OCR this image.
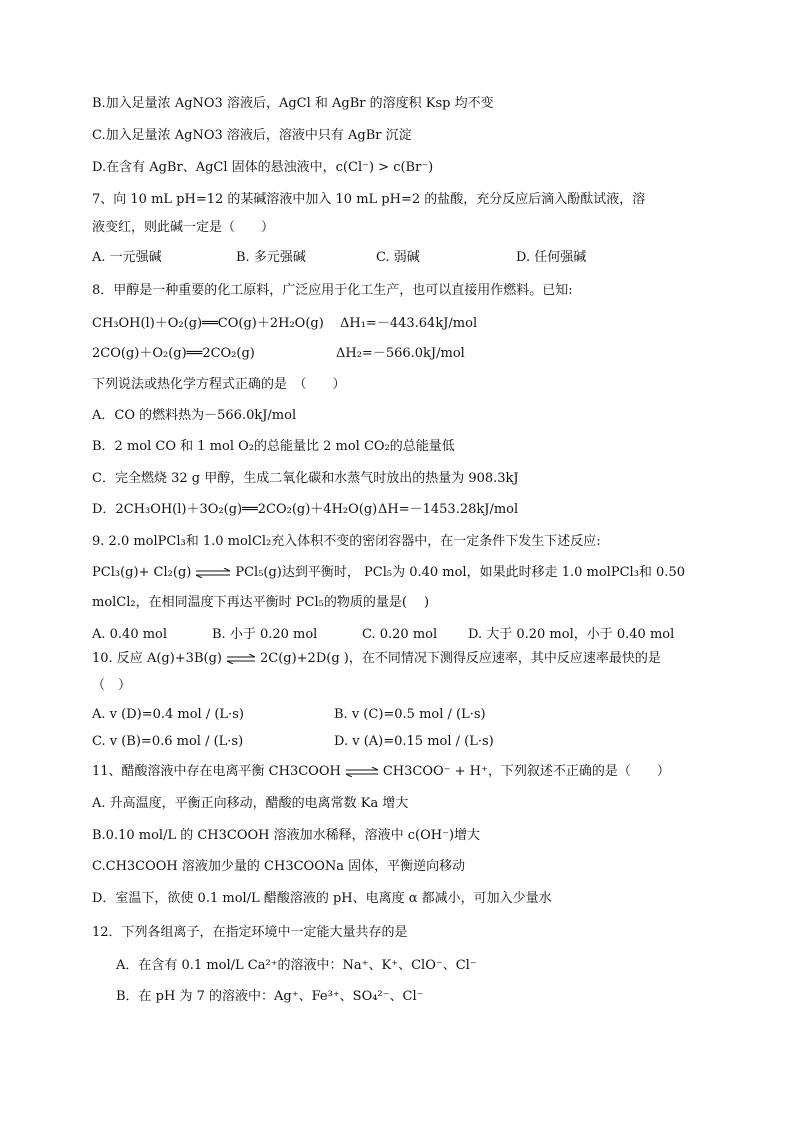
B.加入足量浓 AgNO3 溶液后，AgCl 和 AgBr 的溶度积 Ksp 均不变
C.加入足量浓 AgNO3 溶液后，溶液中只有 AgBr 沉淀
D.在含有 AgBr、AgCl 固体的悬浊液中，c(Cl⁻) > c(Br⁻)
7、向 10 mL pH=12 的某碱溶液中加入 10 mL pH=2 的盐酸，充分反应后滴入酚酞试液，溶
液变红，则此碱一定是（　　）
A. 一元强碱	B. 多元强碱	C. 弱碱	D. 任何强碱
8．甲醇是一种重要的化工原料，广泛应用于化工生产，也可以直接用作燃料。已知:
CH₃OH(l)＋O₂(g)══CO(g)＋2H₂O(g) ΔH₁=－443.64kJ/mol
2CO(g)＋O₂(g)══2CO₂(g)	ΔH₂=－566.0kJ/mol
下列说法或热化学方程式正确的是　（　　）
A．CO 的燃料热为－566.0kJ/mol
B．2 mol CO 和 1 mol O₂的总能量比 2 mol CO₂的总能量低
C．完全燃烧 32 g 甲醇，生成二氧化碳和水蒸气时放出的热量为 908.3kJ
D．2CH₃OH(l)＋3O₂(g)══2CO₂(g)＋4H₂O(g) ΔH=－1453.28kJ/mol
9. 2.0 molPCl₃和 1.0 molCl₂充入体积不变的密闭容器中，在一定条件下发生下述反应:
PCl₃(g)+ Cl₂(g) ⇌ PCl₅(g)达到平衡时， PCl₅为 0.40 mol，如果此时移走 1.0 molPCl₃和 0.50
molCl₂，在相同温度下再达平衡时 PCl₅的物质的量是(　 )
A. 0.40 mol	B. 小于 0.20 mol	C. 0.20 mol D. 大于 0.20 mol，小于 0.40 mol
10. 反应 A(g)+3B(g) ⇌ 2C(g)+2D(g )，在不同情况下测得反应速率，其中反应速率最快的是
（　）
A. v (D)=0.4 mol / (L·s)	B. v (C)=0.5 mol / (L·s)
C. v (B)=0.6 mol / (L·s)	D. v (A)=0.15 mol / (L·s)
11、醋酸溶液中存在电离平衡 CH3COOH ⇌ CH3COO⁻ + H⁺，下列叙述不正确的是（　　）
A. 升高温度，平衡正向移动，醋酸的电离常数 Ka 增大
B.0.10 mol/L 的 CH3COOH 溶液加水稀释，溶液中 c(OH⁻)增大
C.CH3COOH 溶液加少量的 CH3COONa 固体，平衡逆向移动
D．室温下，欲使 0.1 mol/L 醋酸溶液的 pH、电离度 α 都减小，可加入少量水
12．下列各组离子，在指定环境中一定能大量共存的是
A．在含有 0.1 mol/L Ca²⁺的溶液中：Na⁺、K⁺、ClO⁻、Cl⁻
B．在 pH 为 7 的溶液中：Ag⁺、Fe³⁺、SO₄²⁻、Cl⁻
